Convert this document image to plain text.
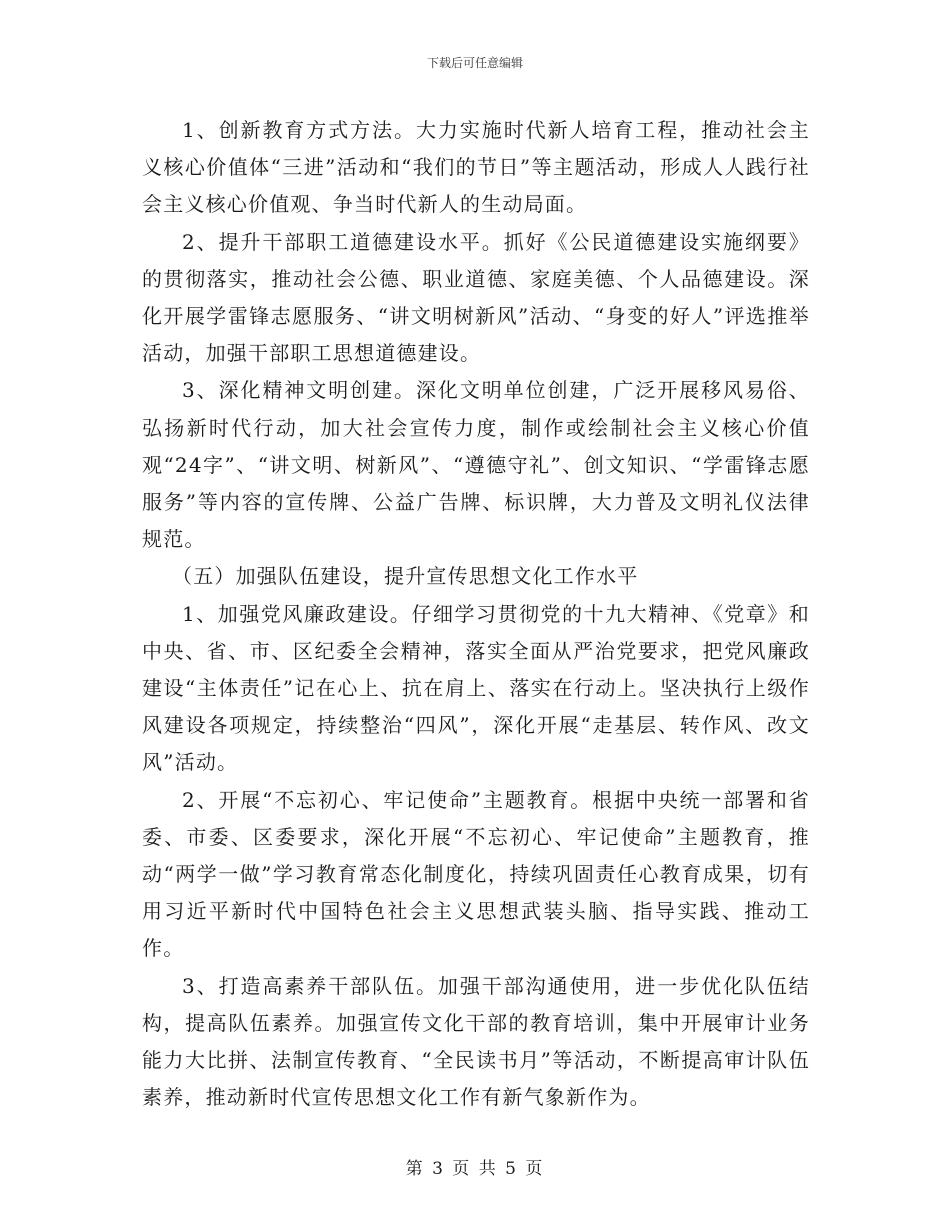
下载后可任意编辑

1、创新教育方式方法。大力实施时代新人培育工程，推动社会主义核心价值体“三进”活动和“我们的节日”等主题活动，形成人人践行社会主义核心价值观、争当时代新人的生动局面。

2、提升干部职工道德建设水平。抓好《公民道德建设实施纲要》的贯彻落实，推动社会公德、职业道德、家庭美德、个人品德建设。深化开展学雷锋志愿服务、“讲文明树新风”活动、“身变的好人”评选推举活动，加强干部职工思想道德建设。

3、深化精神文明创建。深化文明单位创建，广泛开展移风易俗、弘扬新时代行动，加大社会宣传力度，制作或绘制社会主义核心价值观“24字”、“讲文明、树新风”、“遵德守礼”、创文知识、“学雷锋志愿服务”等内容的宣传牌、公益广告牌、标识牌，大力普及文明礼仪法律规范。

（五）加强队伍建设，提升宣传思想文化工作水平

1、加强党风廉政建设。仔细学习贯彻党的十九大精神、《党章》和中央、省、市、区纪委全会精神，落实全面从严治党要求，把党风廉政建设“主体责任”记在心上、抗在肩上、落实在行动上。坚决执行上级作风建设各项规定，持续整治“四风”，深化开展“走基层、转作风、改文风”活动。

2、开展“不忘初心、牢记使命”主题教育。根据中央统一部署和省委、市委、区委要求，深化开展“不忘初心、牢记使命”主题教育，推动“两学一做”学习教育常态化制度化，持续巩固责任心教育成果，切有用习近平新时代中国特色社会主义思想武装头脑、指导实践、推动工作。

3、打造高素养干部队伍。加强干部沟通使用，进一步优化队伍结构，提高队伍素养。加强宣传文化干部的教育培训，集中开展审计业务能力大比拼、法制宣传教育、“全民读书月”等活动，不断提高审计队伍素养，推动新时代宣传思想文化工作有新气象新作为。

第 3 页 共 5 页
